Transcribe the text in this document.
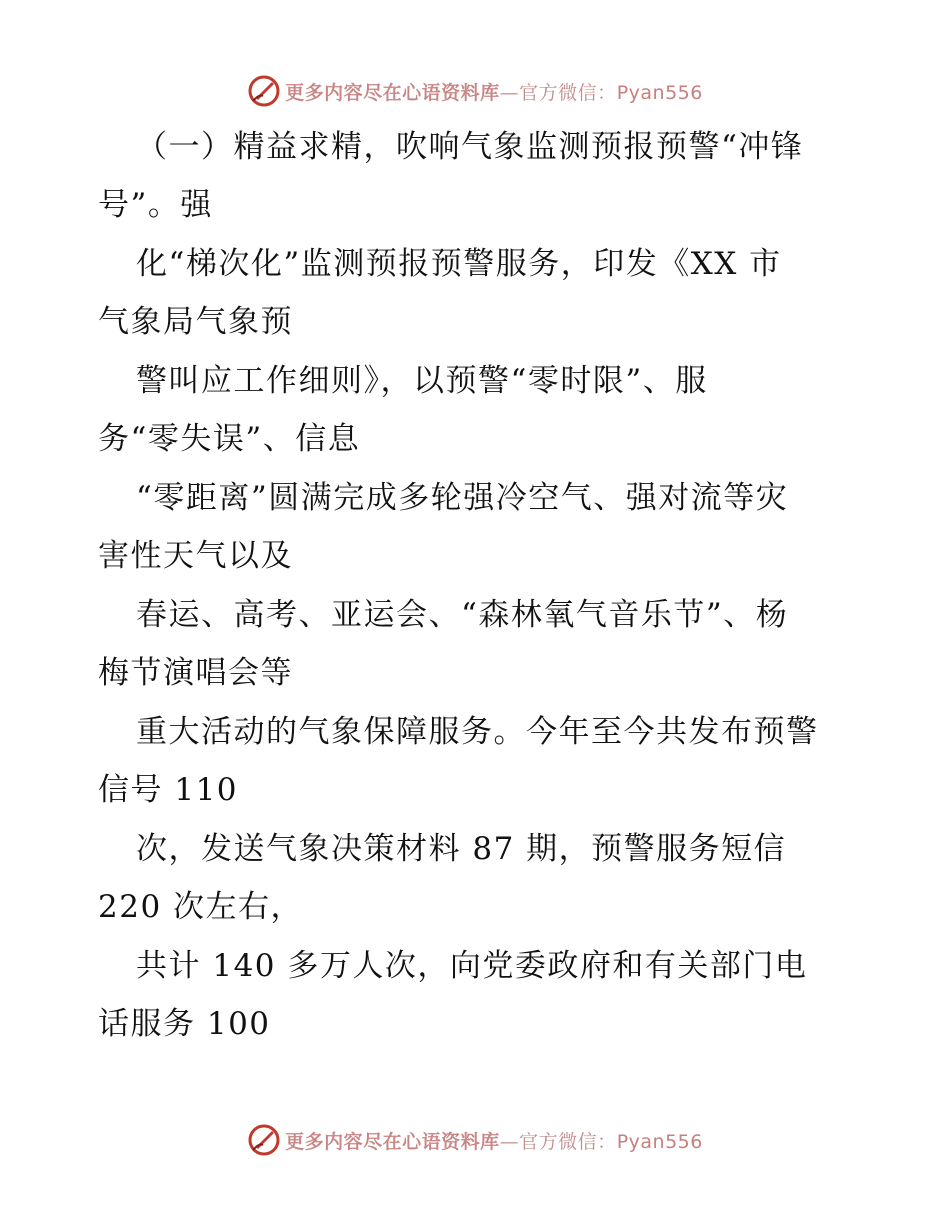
更多内容尽在心语资料库—官方微信：Pyan556
（一）精益求精，吹响气象监测预报预警“冲锋
号”。强
化“梯次化”监测预报预警服务，印发《XX 市
气象局气象预
警叫应工作细则》，以预警“零时限”、服
务“零失误”、信息
“零距离”圆满完成多轮强冷空气、强对流等灾
害性天气以及
春运、高考、亚运会、“森林氧气音乐节”、杨
梅节演唱会等
重大活动的气象保障服务。今年至今共发布预警
信号 110
次，发送气象决策材料 87 期，预警服务短信
220 次左右，
共计 140 多万人次，向党委政府和有关部门电
话服务 100
更多内容尽在心语资料库—官方微信：Pyan556
